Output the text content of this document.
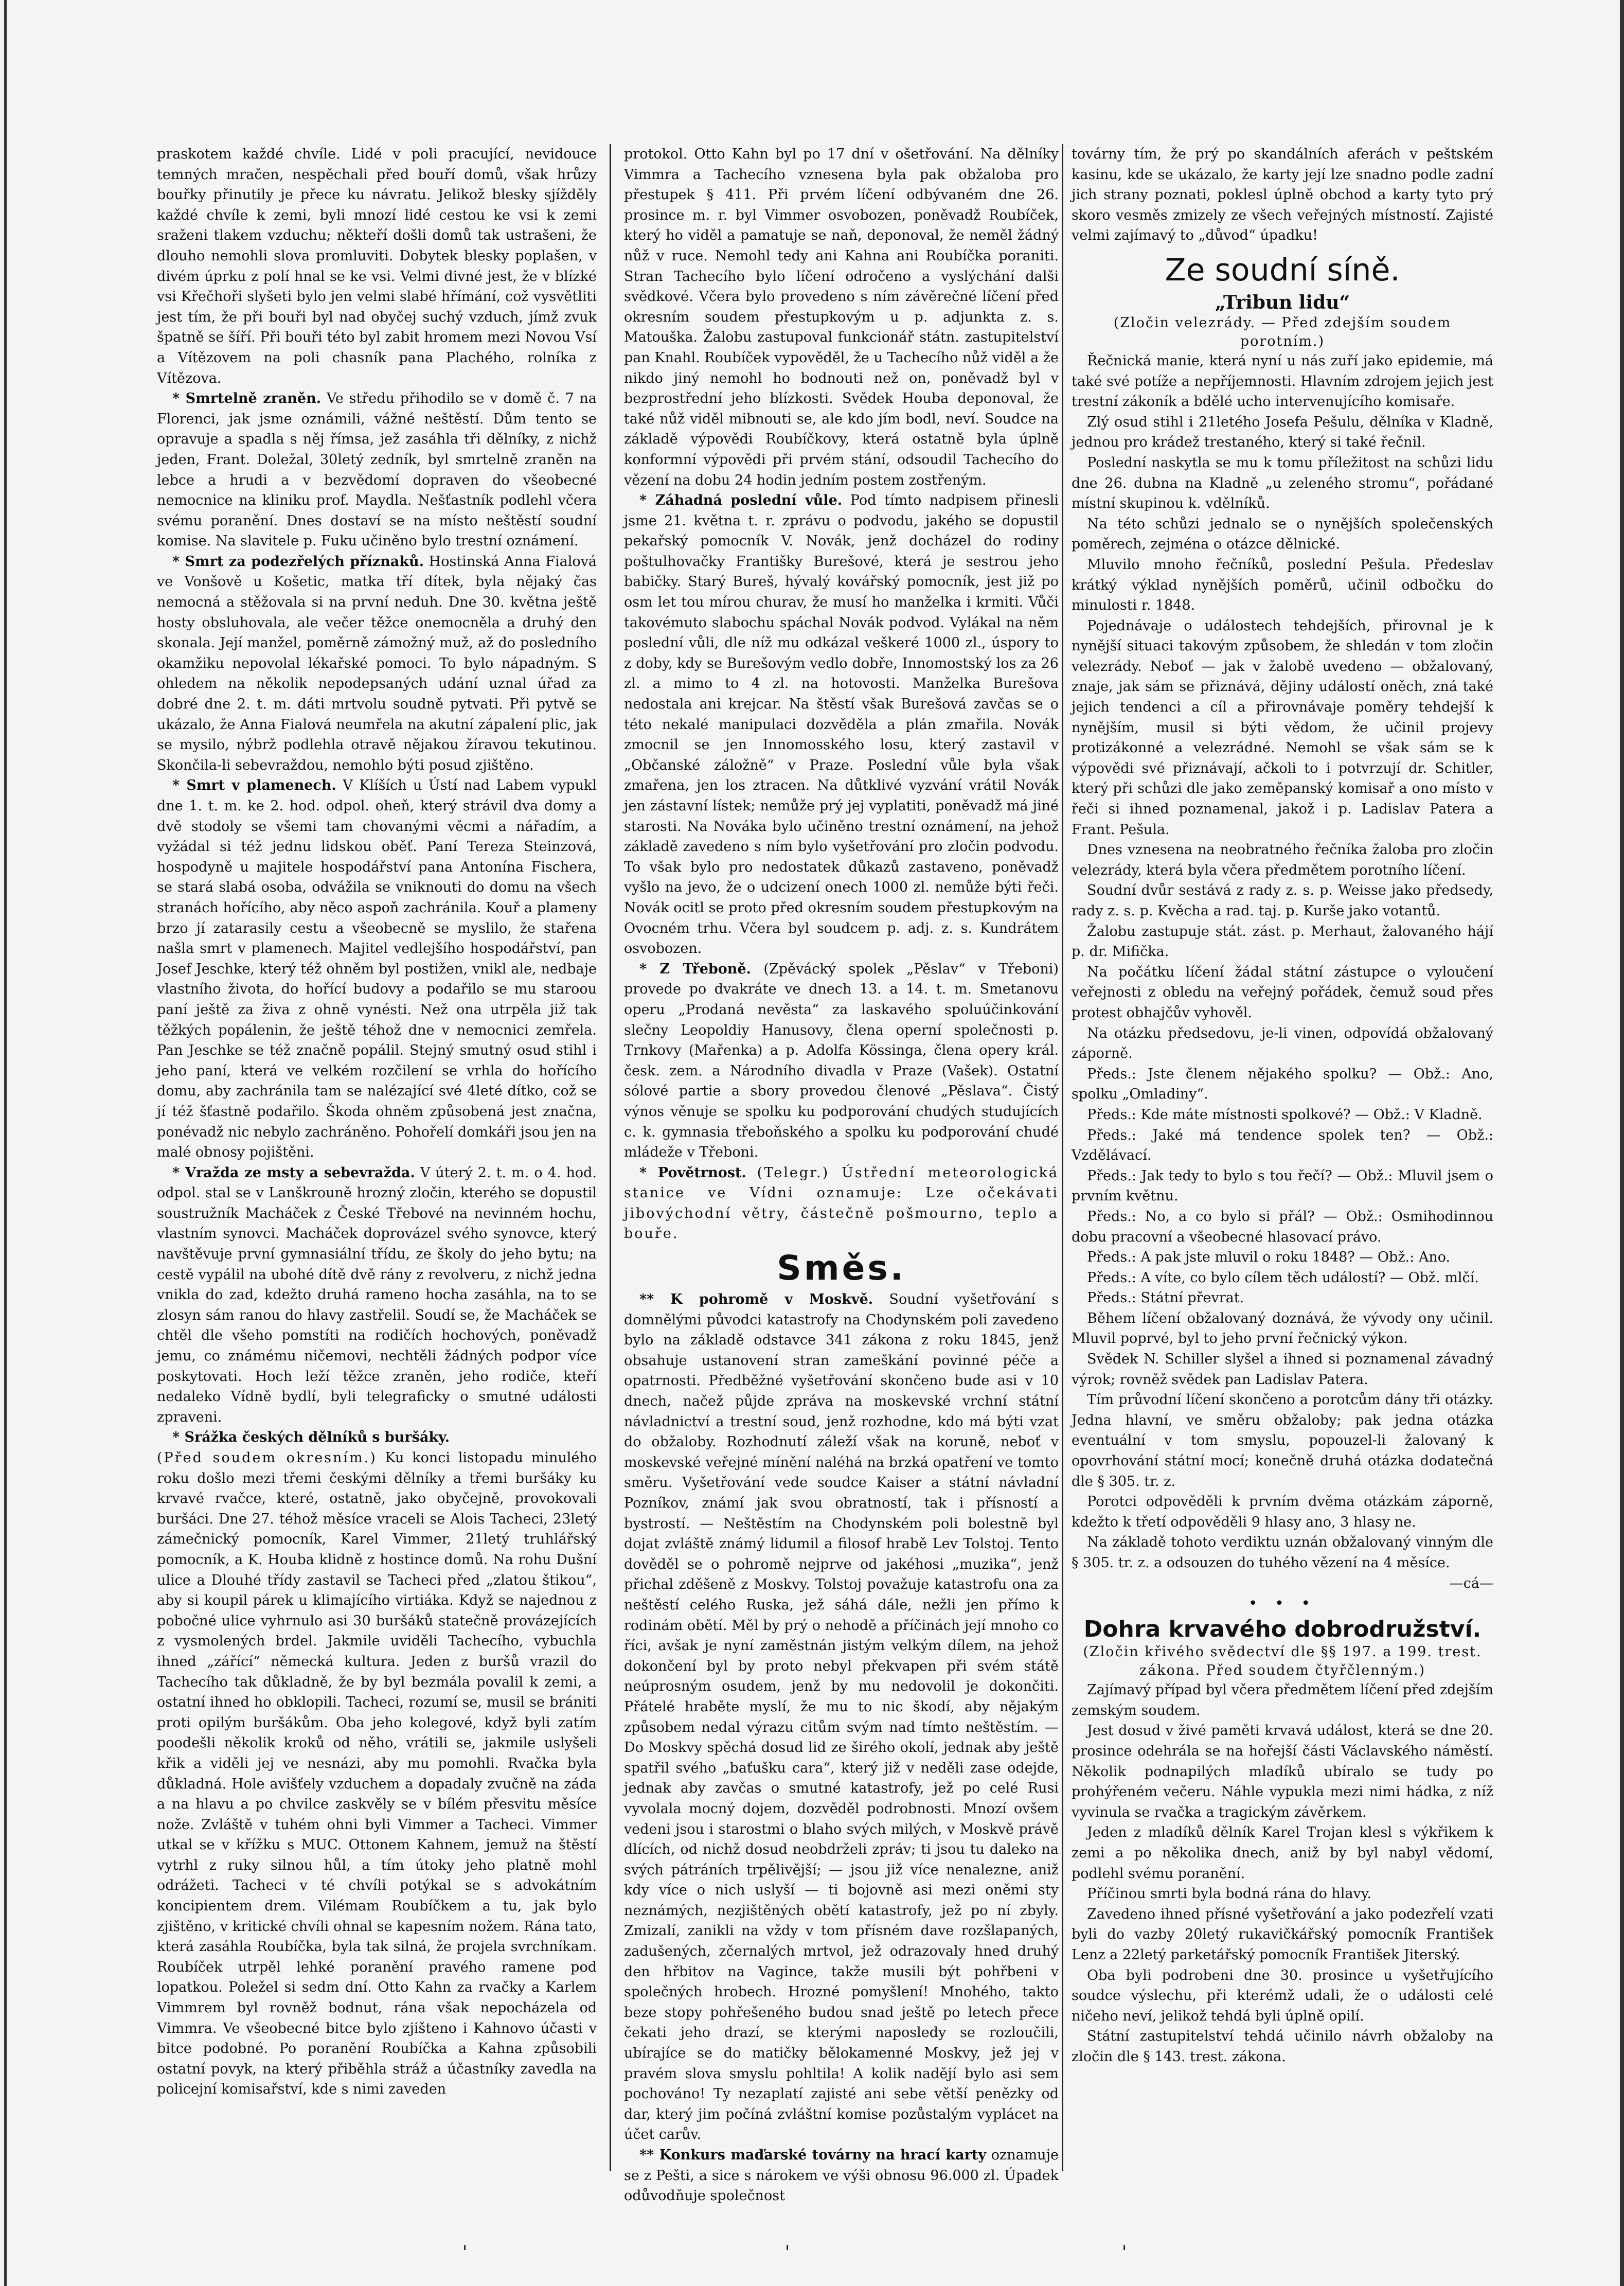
praskotem každé chvíle. Lidé v poli pracující, nevidouce temných mračen, nespěchali před bouří domů, však hrůzy bouřky přinutily je přece ku návratu. Jelikož blesky sjížděly každé chvíle k zemi, byli mnozí lidé cestou ke vsi k zemi sraženi tlakem vzduchu; někteří došli domů tak ustrašeni, že dlouho nemohli slova promluviti. Dobytek blesky poplašen, v divém úprku z polí hnal se ke vsi. Velmi divné jest, že v blízké vsi Křečhoři slyšeti bylo jen velmi slabé hřímání, což vysvětliti jest tím, že při bouři byl nad obyčej suchý vzduch, jímž zvuk špatně se šíří. Při bouři této byl zabit hromem mezi Novou Vsí a Vítězovem na poli chasník pana Plachého, rolníka z Vítězova.

* Smrtelně zraněn. Ve středu přihodilo se v domě č. 7 na Florenci, jak jsme oznámili, vážné neštěstí. Dům tento se opravuje a spadla s něj římsa, jež zasáhla tři dělníky, z nichž jeden, Frant. Doležal, 30letý zedník, byl smrtelně zraněn na lebce a hrudi a v bezvědomí dopraven do všeobecné nemocnice na kliniku prof. Maydla. Nešťastník podlehl včera svému poranění. Dnes dostaví se na místo neštěstí soudní komise. Na slavitele p. Fuku učiněno bylo trestní oznámení.

* Smrt za podezřelých příznaků. Hostinská Anna Fialová ve Vonšově u Košetic, matka tří dítek, byla nějaký čas nemocná a stěžovala si na první neduh. Dne 30. května ještě hosty obsluhovala, ale večer těžce onemocněla a druhý den skonala. Její manžel, poměrně zámožný muž, až do posledního okamžiku nepovolal lékařské pomoci. To bylo nápadným. S ohledem na několik nepodepsaných udání uznal úřad za dobré dne 2. t. m. dáti mrtvolu soudně pytvati. Při pytvě se ukázalo, že Anna Fialová neumřela na akutní zápalení plic, jak se mysilo, nýbrž podlehla otravě nějakou žíravou tekutinou. Skončila-li sebevraždou, nemohlo býti posud zjištěno.

* Smrt v plamenech. V Klíších u Ústí nad Labem vypukl dne 1. t. m. ke 2. hod. odpol. oheň, který strávil dva domy a dvě stodoly se všemi tam chovanými věcmi a nářadím, a vyžádal si též jednu lidskou oběť. Paní Tereza Steinzová, hospodyně u majitele hospodářství pana Antonína Fischera, se stará slabá osoba, odvážila se vniknouti do domu na všech stranách hořícího, aby něco aspoň zachránila. Kouř a plameny brzo jí zatarasily cestu a všeobecně se myslilo, že stařena našla smrt v plamenech. Majitel vedlejšího hospodářství, pan Josef Jeschke, který též ohněm byl postižen, vnikl ale, nedbaje vlastního života, do hořící budovy a podařilo se mu staroou paní ještě za živa z ohně vynésti. Než ona utrpěla již tak těžkých popálenin, že ještě téhož dne v nemocnici zemřela. Pan Jeschke se též značně popálil. Stejný smutný osud stihl i jeho paní, která ve velkém rozčilení se vrhla do hořícího domu, aby zachránila tam se nalézající své 4leté dítko, což se jí též šťastně podařilo. Škoda ohněm způsobená jest značna, ponévadž nic nebylo zachráněno. Pohořelí domkáři jsou jen na malé obnosy pojištěni.

* Vražda ze msty a sebevražda. V úterý 2. t. m. o 4. hod. odpol. stal se v Lanškrouně hrozný zločin, kterého se dopustil soustružník Macháček z České Třebové na nevinném hochu, vlastním synovci. Macháček doprovázel svého synovce, který navštěvuje první gymnasiální třídu, ze školy do jeho bytu; na cestě vypálil na ubohé dítě dvě rány z revolveru, z nichž jedna vnikla do zad, kdežto druhá rameno hocha zasáhla, na to se zlosyn sám ranou do hlavy zastřelil. Soudí se, že Macháček se chtěl dle všeho pomstíti na rodičích hochových, poněvadž jemu, co známému ničemovi, nechtěli žádných podpor více poskytovati. Hoch leží těžce zraněn, jeho rodiče, kteří nedaleko Vídně bydlí, byli telegraficky o smutné události zpraveni.

* Srážka českých dělníků s buršáky.
(Před soudem okresním.) Ku konci listopadu minulého roku došlo mezi třemi českými dělníky a třemi buršáky ku krvavé rvačce, které, ostatně, jako obyčejně, provokovali buršáci. Dne 27. téhož měsíce vraceli se Alois Tacheci, 23letý zámečnický pomocník, Karel Vimmer, 21letý truhlářský pomocník, a K. Houba klidně z hostince domů. Na rohu Dušní ulice a Dlouhé třídy zastavil se Tacheci před „zlatou štikou“, aby si koupil párek u klimajícího virtiáka. Když se najednou z pobočné ulice vyhrnulo asi 30 buršáků statečně provázejících z vysmolených brdel. Jakmile uviděli Tachecího, vybuchla ihned „zářící“ německá kultura. Jeden z buršů vrazil do Tachecího tak důkladně, že by byl bezmála povalil k zemi, a ostatní ihned ho obklopili. Tacheci, rozumí se, musil se brániti proti opilým buršákům. Oba jeho kolegové, když byli zatím poodešli několik kroků od něho, vrátili se, jakmile uslyšeli křik a viděli jej ve nesnázi, aby mu pomohli. Rvačka byla důkladná. Hole avišťely vzduchem a dopadaly zvučně na záda a na hlavu a po chvilce zaskvěly se v bílém přesvitu měsíce nože. Zvláště v tuhém ohni byli Vimmer a Tacheci. Vimmer utkal se v křížku s MUC. Ottonem Kahnem, jemuž na štěstí vytrhl z ruky silnou hůl, a tím útoky jeho platně mohl odrážeti. Tacheci v té chvíli potýkal se s advokátním koncipientem drem. Vilémam Roubíčkem a tu, jak bylo zjištěno, v kritické chvíli ohnal se kapesním nožem. Rána tato, která zasáhla Roubíčka, byla tak silná, že projela svrchníkam. Roubíček utrpěl lehké poranění pravého ramene pod lopatkou. Poležel si sedm dní. Otto Kahn za rvačky a Karlem Vimmrem byl rovněž bodnut, rána však nepocházela od Vimmra. Ve všeobecné bitce bylo zjišteno i Kahnovo účasti v bitce podobné. Po poranění Roubíčka a Kahna způsobili ostatní povyk, na který přiběhla stráž a účastníky zavedla na policejní komisařství, kde s nimi zaveden

protokol. Otto Kahn byl po 17 dní v ošetřování. Na dělníky Vimmra a Tachecího vznesena byla pak obžaloba pro přestupek § 411. Při prvém líčení odbývaném dne 26. prosince m. r. byl Vimmer osvobozen, poněvadž Roubíček, který ho viděl a pamatuje se naň, deponoval, že neměl žádný nůž v ruce. Nemohl tedy ani Kahna ani Roubíčka poraniti. Stran Tachecího bylo líčení odročeno a vyslýchání dalši svědkové. Včera bylo provedeno s ním závěrečné líčení před okresním soudem přestupkovým u p. adjunkta z. s. Matouška. Žalobu zastupoval funkcionář státn. zastupitelství pan Knahl. Roubíček vypověděl, že u Tachecího nůž viděl a že nikdo jiný nemohl ho bodnouti než on, poněvadž byl v bezprostřední jeho blízkosti. Svědek Houba deponoval, že také nůž viděl mibnouti se, ale kdo jím bodl, neví. Soudce na základě výpovědi Roubíčkovy, která ostatně byla úplně konformní výpovědi při prvém stání, odsoudil Tachecího do vězení na dobu 24 hodin jedním postem zostřeným.

* Záhadná poslední vůle. Pod tímto nadpisem přinesli jsme 21. května t. r. zprávu o podvodu, jakého se dopustil pekařský pomocník V. Novák, jenž docházel do rodiny poštulhovačky Františky Burešové, která je sestrou jeho babičky. Starý Bureš, hývalý kovářský pomocník, jest již po osm let tou mírou churav, že musí ho manželka i krmiti. Vůči takovémuto slabochu spáchal Novák podvod. Vylákal na něm poslední vůli, dle níž mu odkázal veškeré 1000 zl., úspory to z doby, kdy se Burešovým vedlo dobře, Innomostský los za 26 zl. a mimo to 4 zl. na hotovosti. Manželka Burešova nedostala ani krejcar. Na štěstí však Burešová zavčas se o této nekalé manipulaci dozvěděla a plán zmařila. Novák zmocnil se jen Innomosského losu, který zastavil v „Občanské záložně“ v Praze. Poslední vůle byla však zmařena, jen los ztracen. Na důtklivé vyzvání vrátil Novák jen zástavní lístek; nemůže prý jej vyplatiti, poněvadž má jiné starosti. Na Nováka bylo učiněno trestní oznámení, na jehož základě zavedeno s ním bylo vyšetřování pro zločin podvodu. To však bylo pro nedostatek důkazů zastaveno, poněvadž vyšlo na jevo, že o udcizení onech 1000 zl. nemůže býti řeči. Novák ocitl se proto před okresním soudem přestupkovým na Ovocném trhu. Včera byl soudcem p. adj. z. s. Kundrátem osvobozen.

* Z Třeboně. (Zpěvácký spolek „Pěslav“ v Třeboni) provede po dvakráte ve dnech 13. a 14. t. m. Smetanovu operu „Prodaná nevěsta“ za laskavého spoluúčinkování slečny Leopoldiy Hanusovy, člena operní společnosti p. Trnkovy (Mařenka) a p. Adolfa Kössinga, člena opery král. česk. zem. a Národního divadla v Praze (Vašek). Ostatní sólové partie a sbory provedou členové „Pěslava“. Čistý výnos věnuje se spolku ku podporování chudých studujících c. k. gymnasia třeboňského a spolku ku podporování chudé mládeže v Třeboni.

* Povětrnost. (Telegr.) Ústřední meteorologická stanice ve Vídni oznamuje: Lze očekávati jibovýchodní větry, částečně pošmourno, teplo a bouře.

Směs.

** K pohromě v Moskvě. Soudní vyšetřování s domnělými původci katastrofy na Chodynském poli zavedeno bylo na základě odstavce 341 zákona z roku 1845, jenž obsahuje ustanovení stran zameškání povinné péče a opatrnosti. Předběžné vyšetřování skončeno bude asi v 10 dnech, načež půjde zpráva na moskevské vrchní státní návladnictví a trestní soud, jenž rozhodne, kdo má býti vzat do obžaloby. Rozhodnutí záleží však na koruně, neboť v moskevské veřejné mínění naléhá na brzká opatření ve tomto směru. Vyšetřování vede soudce Kaiser a státní návladní Pozníkov, známí jak svou obratností, tak i přísností a bystrostí. — Neštěstím na Chodynském poli bolestně byl dojat zvláště známý lidumil a filosof hrabě Lev Tolstoj. Tento dověděl se o pohromě nejprve od jakéhosi „muzika“, jenž přichal zděšeně z Moskvy. Tolstoj považuje katastrofu ona za neštěstí celého Ruska, jež sáhá dále, nežli jen přímo k rodinám obětí. Měl by prý o nehodě a příčinách její mnoho co říci, avšak je nyní zaměstnán jistým velkým dílem, na jehož dokončení byl by proto nebyl překvapen při svém státě neúprosným osudem, jenž by mu nedovolil je dokončiti. Přátelé hraběte myslí, že mu to nic škodí, aby nějakým způsobem nedal výrazu citům svým nad tímto neštěstím. — Do Moskvy spěchá dosud lid ze širého okolí, jednak aby ještě spatřil svého „baťušku cara“, který již v neděli zase odejde, jednak aby zavčas o smutné katastrofy, jež po celé Rusi vyvolala mocný dojem, dozvěděl podrobnosti. Mnozí ovšem vedeni jsou i starostmi o blaho svých milých, v Moskvě právě dlících, od nichž dosud neobdrželi zpráv; ti jsou tu daleko na svých pátráních trpělivější; — jsou již více nenalezne, aniž kdy více o nich uslyší — ti bojovně asi mezi oněmi sty neznámých, nezjištěných obětí katastrofy, jež po ní zbyly. Zmizalí, zanikli na vždy v tom přísném dave rozšlapaných, zadušených, zčernalých mrtvol, jež odrazovaly hned druhý den hřbitov na Vagince, takže musili být pohřbeni v společných hrobech. Hrozné pomyšlení! Mnohého, takto beze stopy pohřešeného budou snad ještě po letech přece čekati jeho drazí, se kterými naposledy se rozloučili, ubírajíce se do matičky bělokamenné Moskvy, jež jej v pravém slova smyslu pohltila! A kolik nadějí bylo asi sem pochováno! Ty nezaplatí zajisté ani sebe větší penězky od dar, který jim počíná zvláštní komise pozůstalým vyplácet na účet carův.

** Konkurs maďarské továrny na hrací karty oznamuje se z Pešti, a sice s nárokem ve výši obnosu 96.000 zl. Úpadek odůvodňuje společnost

továrny tím, že prý po skandálních aferách v peštském kasinu, kde se ukázalo, že karty její lze snadno podle zadní jich strany poznati, poklesl úplně obchod a karty tyto prý skoro vesměs zmizely ze všech veřejných místností. Zajisté velmi zajímavý to „důvod“ úpadku!

Ze soudní síně.
„Tribun lidu“
(Zločin velezrády. — Před zdejším soudem porotním.)

Řečnická manie, která nyní u nás zuří jako epidemie, má také své potíže a nepříjemnosti. Hlavním zdrojem jejich jest trestní zákoník a bdělé ucho intervenujícího komisaře.

Zlý osud stihl i 21letého Josefa Pešulu, dělníka v Kladně, jednou pro krádež trestaného, který si také řečnil.

Poslední naskytla se mu k tomu příležitost na schůzi lidu dne 26. dubna na Kladně „u zeleného stromu“, pořádané místní skupinou k. vdělníků.

Na této schůzi jednalo se o nynějších společenských poměrech, zejména o otázce dělnické.

Mluvilo mnoho řečníků, poslední Pešula. Předeslav krátký výklad nynějších poměrů, učinil odbočku do minulosti r. 1848.

Pojednávaje o událostech tehdejších, přirovnal je k nynější situaci takovým způsobem, že shledán v tom zločin velezrády. Neboť — jak v žalobě uvedeno — obžalovaný, znaje, jak sám se přiznává, dějiny událostí oněch, zná také jejich tendenci a cíl a přirovnávaje poměry tehdejší k nynějším, musil si býti vědom, že učinil projevy protizákonné a velezrádné. Nemohl se však sám se k výpovědi své přiznávají, ačkoli to i potvrzují dr. Schitler, který při schůzi dle jako zeměpanský komisař a ono místo v řeči si ihned poznamenal, jakož i p. Ladislav Patera a Frant. Pešula.

Dnes vznesena na neobratného řečníka žaloba pro zločin velezrády, která byla včera předmětem porotního líčení.

Soudní dvůr sestává z rady z. s. p. Weisse jako předsedy, rady z. s. p. Kvěcha a rad. taj. p. Kurše jako votantů.

Žalobu zastupuje stát. zást. p. Merhaut, žalovaného hájí p. dr. Mifička.

Na počátku líčení žádal státní zástupce o vyloučení veřejnosti z obledu na veřejný pořádek, čemuž soud přes protest obhajčův vyhověl.

Na otázku předsedovu, je-li vinen, odpovídá obžalovaný záporně.

Předs.: Jste členem nějakého spolku? — Obž.: Ano, spolku „Omladiny“.

Předs.: Kde máte místnosti spolkové? — Obž.: V Kladně.

Předs.: Jaké má tendence spolek ten? — Obž.: Vzdělávací.

Předs.: Jak tedy to bylo s tou řečí? — Obž.: Mluvil jsem o prvním květnu.

Předs.: No, a co bylo si přál? — Obž.: Osmihodinnou dobu pracovní a všeobecné hlasovací právo.

Předs.: A pak jste mluvil o roku 1848? — Obž.: Ano.

Předs.: A víte, co bylo cílem těch událostí? — Obž. mlčí.

Předs.: Státní převrat.

Během líčení obžalovaný doznává, že vývody ony učinil. Mluvil poprvé, byl to jeho první řečnický výkon.

Svědek N. Schiller slyšel a ihned si poznamenal závadný výrok; rovněž svědek pan Ladislav Patera.

Tím průvodní líčení skončeno a porotcům dány tři otázky. Jedna hlavní, ve směru obžaloby; pak jedna otázka eventuální v tom smyslu, popouzel-li žalovaný k opovrhování státní mocí; konečně druhá otázka dodatečná dle § 305. tr. z.

Porotci odpověděli k prvním dvěma otázkám záporně, kdežto k třetí odpověděli 9 hlasy ano, 3 hlasy ne.

Na základě tohoto verdiktu uznán obžalovaný vinným dle § 305. tr. z. a odsouzen do tuhého vězení na 4 měsíce.

—cá—
• • •
Dohra krvavého dobrodružství.
(Zločin křivého svědectví dle §§ 197. a 199. trest. zákona. Před soudem čtyřčlenným.)

Zajímavý případ byl včera předmětem líčení před zdejším zemským soudem.

Jest dosud v živé paměti krvavá událost, která se dne 20. prosince odehrála se na hořejší části Václavského náměstí. Několik podnapilých mladíků ubíralo se tudy po prohýřeném večeru. Náhle vypukla mezi nimi hádka, z níž vyvinula se rvačka a tragickým závěrkem.

Jeden z mladíků dělník Karel Trojan klesl s výkřikem k zemi a po několika dnech, aniž by byl nabyl vědomí, podlehl svému poranění.

Příčinou smrti byla bodná rána do hlavy.

Zavedeno ihned přísné vyšetřování a jako podezřelí vzati byli do vazby 20letý rukavičkářský pomocník František Lenz a 22letý parketářský pomocník František Jiterský.

Oba byli podrobeni dne 30. prosince u vyšetřujícího soudce výslechu, při kterémž udali, že o události celé ničeho neví, jelikož tehdá byli úplně opilí.

Státní zastupitelství tehdá učinilo návrh obžaloby na zločin dle § 143. trest. zákona.

ˌ	ˌ	ˌ
